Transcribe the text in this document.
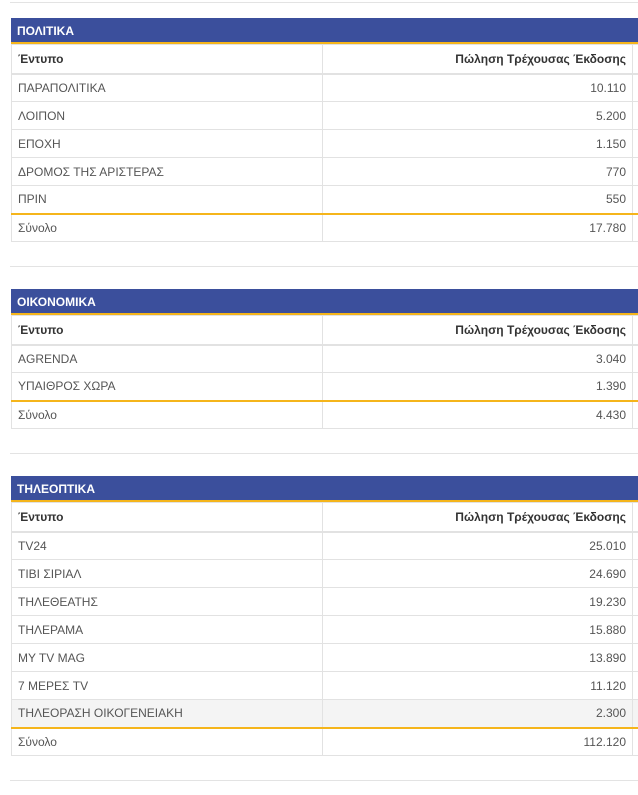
ΠΟΛΙΤΙΚΑ
Έντυπο	Πώληση Τρέχουσας Έκδοσης	
ΠΑΡΑΠΟΛΙΤΙΚΑ	10.110	
ΛΟΙΠΟΝ	5.200	
ΕΠΟΧΗ	1.150	
ΔΡΟΜΟΣ ΤΗΣ ΑΡΙΣΤΕΡΑΣ	770	
ΠΡΙΝ	550	
Σύνολο	17.780	
ΟΙΚΟΝΟΜΙΚΑ
Έντυπο	Πώληση Τρέχουσας Έκδοσης	
AGRENDA	3.040	
ΥΠΑΙΘΡΟΣ ΧΩΡΑ	1.390	
Σύνολο	4.430	
ΤΗΛΕΟΠΤΙΚΑ
Έντυπο	Πώληση Τρέχουσας Έκδοσης	
TV24	25.010	
ΤΙΒΙ ΣΙΡΙΑΛ	24.690	
ΤΗΛΕΘΕΑΤΗΣ	19.230	
ΤΗΛΕΡΑΜΑ	15.880	
MY TV MAG	13.890	
7 ΜΕΡΕΣ TV	11.120	
ΤΗΛΕΟΡΑΣΗ ΟΙΚΟΓΕΝΕΙΑΚΗ	2.300	
Σύνολο	112.120	
